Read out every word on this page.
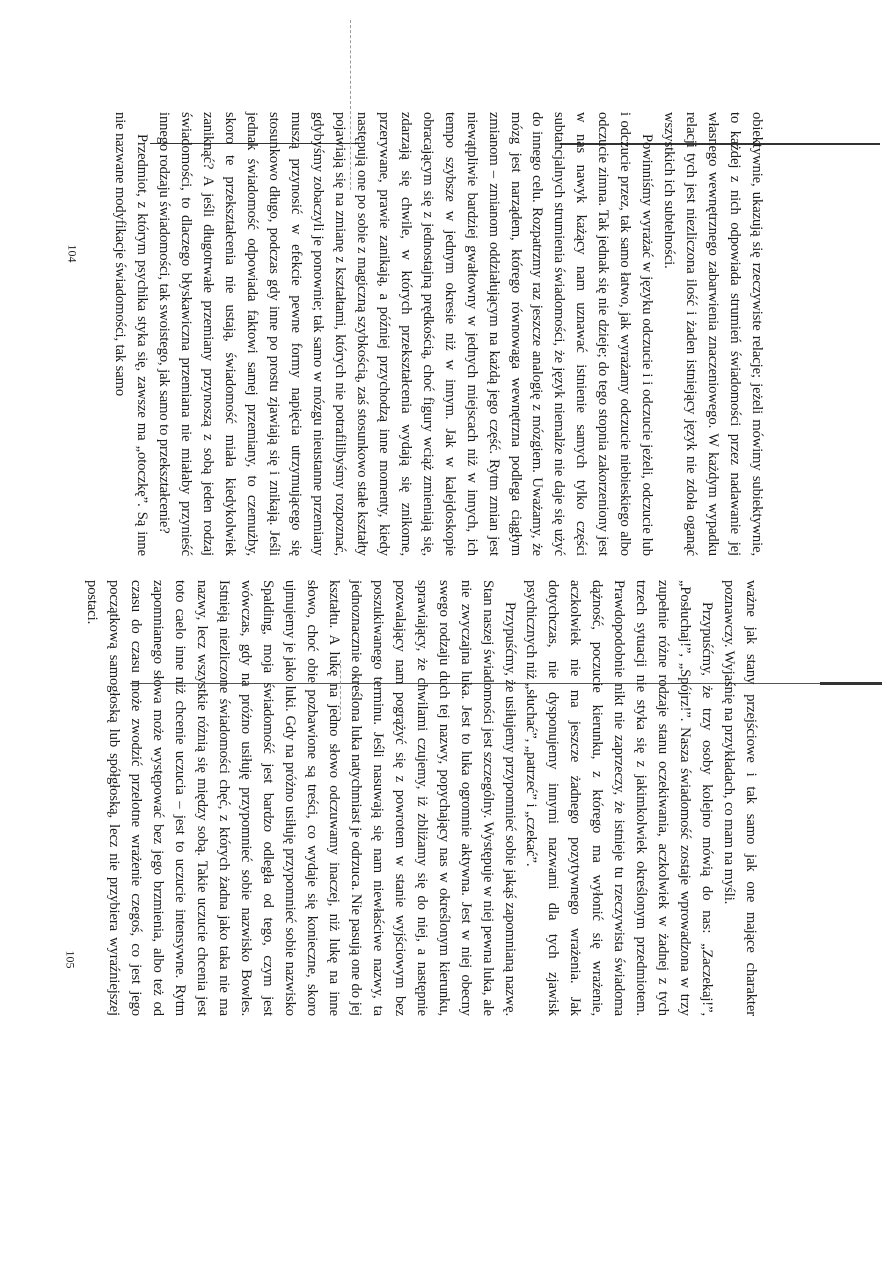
104
105

obiektywnie, ukazują się rzeczywiste relacje; jeżeli mówimy subiektywnie, to każdej z nich odpowiada strumień świadomości przez nadawanie jej własnego wewnętrznego zabarwienia znaczeniowego. W każdym wypadku relacji tych jest niezliczona ilość i żaden istniejący język nie zdoła oganąć wszystkich ich subtelności.

Powinniśmy wyrażać w języku odczucie i i odczucie jeżeli, odczucie lub i odczucie przez, tak samo łatwo, jak wyrażamy odczucie niebieskiego albo odczucie zimna. Tak jednak się nie dzieje; do tego stopnia zakorzeniony jest w nas nawyk każący nam uznawać istnienie samych tylko części subtancjalnych strumienia świadomości, że język niemalże nie daje się użyć do innego celu. Rozpatrzmy raz jeszcze analogię z mózgiem. Uważamy, że mózg jest narządem, którego równowaga wewnętrzna podlega ciągłym zmianom – zmianom oddziałującym na każdą jego część. Rytm zmian jest niewątpliwie bardziej gwałtowny w jednych miejscach niż w innych, ich tempo szybsze w jednym okresie niż w innym. Jak w kalejdoskopie obracającym się z jednostajną prędkością, choć figury wciąż zmieniają się, zdarzają się chwile, w których przekształcenia wydają się znikome, przerywane, prawie zanikają, a później przychodzą inne momenty, kiedy następują one po sobie z magiczną szybkością, zaś stosunkowo stałe kształty pojawiają się na zmianę z kształtami, których nie potrafilibyśmy rozpoznać, gdybyśmy zobaczyli je ponownie; tak samo w mózgu nieustanne przemiany muszą przynosić w efekcie pewne formy napięcia utrzymującego się stosunkowo długo, podczas gdy inne po prostu zjawiają się i znikają. Jeśli jednak świadomość odpowiada faktowi samej przemiany, to czemużby, skoro te przekształcenia nie ustają, świadomość miała kiedykolwiek zaniknąć? A jeśli długotrwałe przemiany przynoszą z sobą jeden rodzaj świadomości, to dlaczego błyskawiczna przemiana nie miałaby przynieść innego rodzaju świadomości, tak swoistego, jak samo to przekształcenie?

Przedmiot, z którym psychika styka się, zawsze ma „otoczkę”. Są inne nie nazwane modyfikacje świadomości, tak samo

ważne jak stany przejściowe i tak samo jak one mające charakter poznawczy. Wyjaśnię na przykładach, co mam na myśli.

Przypuśćmy, że trzy osoby kolejno mówią do nas: „Zaczekaj!”, „Posłuchaj!”, „Spójrz!”. Nasza świadomość zostaje wprowadzona w trzy zupełnie różne rodzaje stanu oczekiwania, aczkolwiek w żadnej z tych trzech sytuacji nie styka się z jakimkolwiek określonym przedmiotem. Prawdopodobnie nikt nie zaprzeczy, że istnieje tu rzeczywista świadoma dążność, poczucie kierunku, z którego ma wyłonić się wrażenie, aczkolwiek nie ma jeszcze żadnego pozytywnego wrażenia. Jak dotychczas, nie dysponujemy innymi nazwami dla tych zjawisk psychicznych niż „słuchać”, „patrzeć” i „czekać”.

Przypuśćmy, że usiłujemy przypomnieć sobie jakąś zapomnianą nazwę. Stan naszej świadomości jest szczególny. Występuje w niej pewna luka, ale nie zwyczajna luka. Jest to luka ogromnie aktywna. Jest w niej obecny swego rodzaju duch tej nazwy, popychający nas w określonym kierunku, sprawiający, że chwilami czujemy, iż zbliżamy się do niej, a następnie pozwalający nam pogrążyć się z powrotem w stanie wyjściowym bez poszukiwanego terminu. Jeśli nasuwają się nam niewłaściwe nazwy, ta jednoznacznie określona luka natychmiast je odrzuca. Nie pasują one do jej kształtu. A lukę na jedno słowo odczuwamy inaczej, niż lukę na inne słowo, choć obie pozbawione są treści, co wydaje się konieczne, skoro ujmujemy je jako luki. Gdy na próżno usiłuję przypomnieć sobie nazwisko Spalding, moja świadomość jest bardzo odległa od tego, czym jest wówczas, gdy na próżno usiłuję przypomnieć sobie nazwisko Bowles. Istnieją niezliczone świadomości chęć, z których żadna jako taka nie ma nazwy, lecz wszystkie różnią się między sobą. Takie uczucie chcenia jest toto caelo inne niż chcenie uczucia – jest to uczucie intensywne. Rytm zapomnianego słowa może występować bez jego brzmienia, albo też od czasu do czasu może zwodzić przelotne wrażenie czegoś, co jest jego początkową samogłoską lub spółgłoską, lecz nie przybiera wyraźniejszej postaci.
